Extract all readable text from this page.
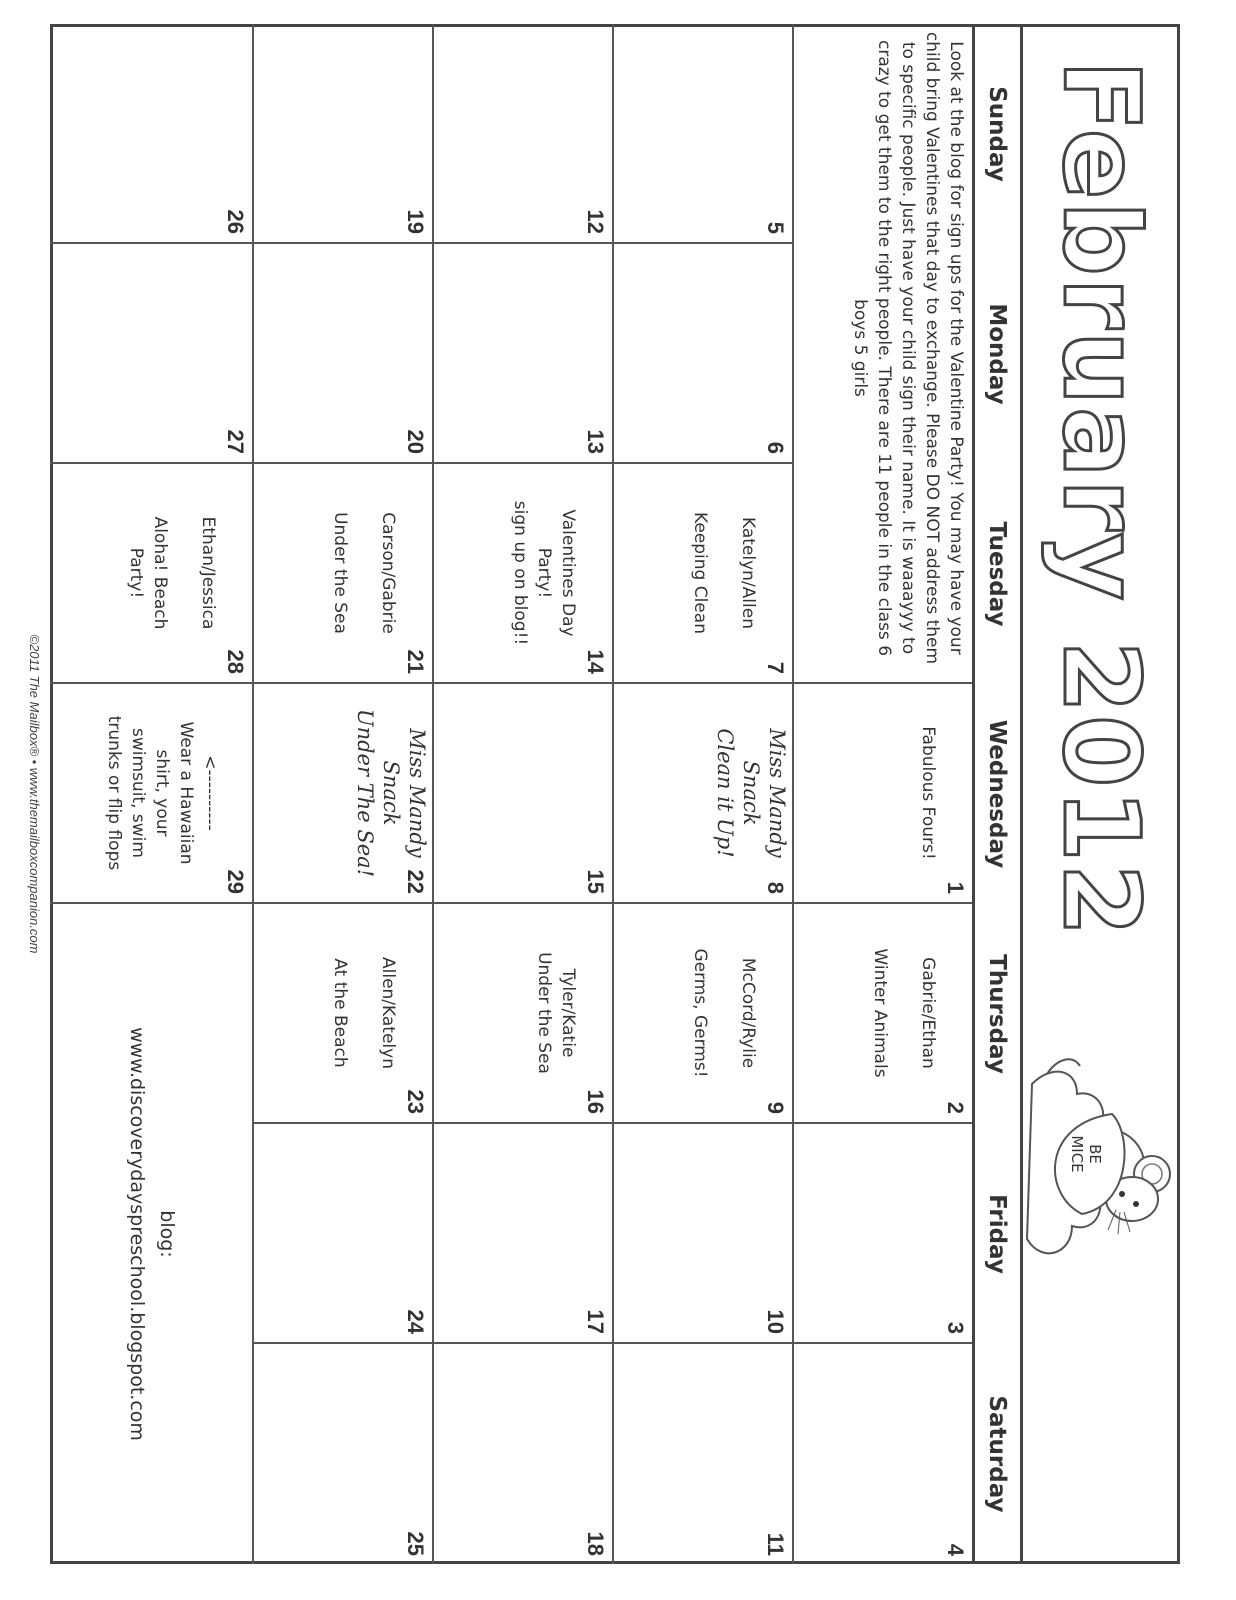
February 2012
BE
MICE
Sunday
Monday
Tuesday
Wednesday
Thursday
Friday
Saturday
Look at the blog for sign ups for the Valentine Party! You may have your child bring Valentines that day to exchange. Please DO NOT address them to specific people. Just have your child sign their name. It is waaayyy to crazy to get them to the right people. There are 11 people in the class 6 boys 5 girls
1
Fabulous Fours!
2
Gabrie/Ethan

Winter Animals
3
4
5
6
7
Katelyn/Allen

Keeping Clean
8
Miss Mandy
Snack
Clean it Up!
9
McCord/Rylie

Germs, Germs!
10
11
12
13
14
Valentines Day
Party!
sign up on blog!!
15
16
Tyler/Katie
Under the Sea
17
18
19
20
21
Carson/Gabrie

Under the Sea
22
Miss Mandy
Snack
Under The Sea!
23
Allen/Katelyn

At the Beach
24
25
26
27
28
Ethan/Jessica

Aloha! Beach
Party!
29
<----------
Wear a Hawaiian
shirt, your
swimsuit, swim
trunks or flip flops
blog:
www.discoverydayspreschool.blogspot.com
©2011 The Mailbox® • www.themailboxcompanion.com
